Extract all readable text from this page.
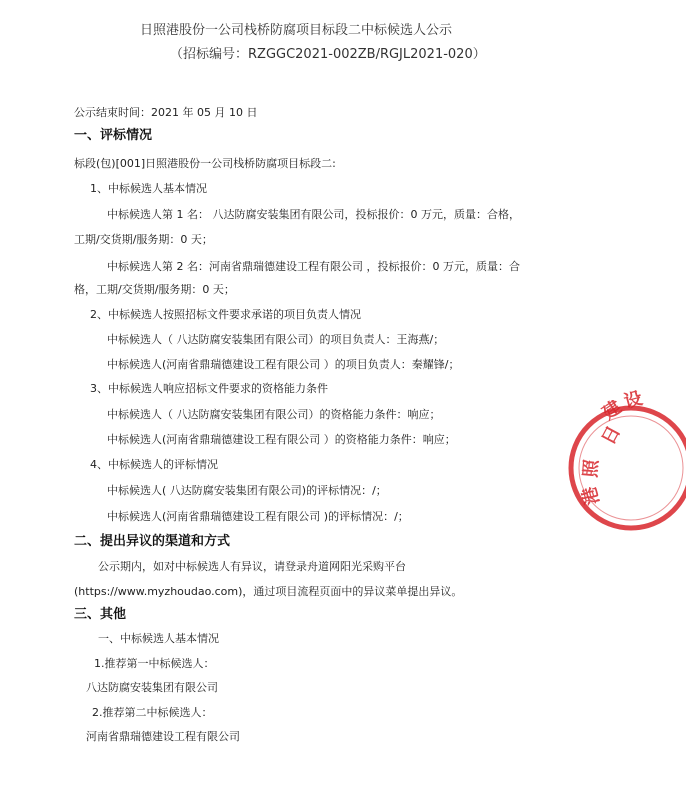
日照港股份一公司栈桥防腐项目标段二中标候选人公示
（招标编号：RZGGC2021-002ZB/RGJL2021-020）
公示结束时间：2021 年 05 月 10 日
一、评标情况
标段(包)[001]日照港股份一公司栈桥防腐项目标段二:
1、中标候选人基本情况
中标候选人第 1 名： 八达防腐安装集团有限公司，投标报价：0 万元，质量：合格，
工期/交货期/服务期：0 天；
中标候选人第 2 名：河南省鼎瑞德建设工程有限公司 ，投标报价：0 万元，质量：合
格，工期/交货期/服务期：0 天；
2、中标候选人按照招标文件要求承诺的项目负责人情况
中标候选人（ 八达防腐安装集团有限公司）的项目负责人：王海燕/；
中标候选人(河南省鼎瑞德建设工程有限公司 ）的项目负责人：秦耀锋/；
3、中标候选人响应招标文件要求的资格能力条件
中标候选人（ 八达防腐安装集团有限公司）的资格能力条件：响应；
中标候选人(河南省鼎瑞德建设工程有限公司 ）的资格能力条件：响应；
4、中标候选人的评标情况
中标候选人( 八达防腐安装集团有限公司)的评标情况：/；
中标候选人(河南省鼎瑞德建设工程有限公司 )的评标情况：/；
二、提出异议的渠道和方式
公示期内，如对中标候选人有异议，请登录舟道网阳光采购平台
(https://www.myzhoudao.com)，通过项目流程页面中的异议菜单提出异议。
三、其他
一、中标候选人基本情况
1.推荐第一中标候选人：
八达防腐安装集团有限公司
2.推荐第二中标候选人：
河南省鼎瑞德建设工程有限公司
日
照
港
建
设
